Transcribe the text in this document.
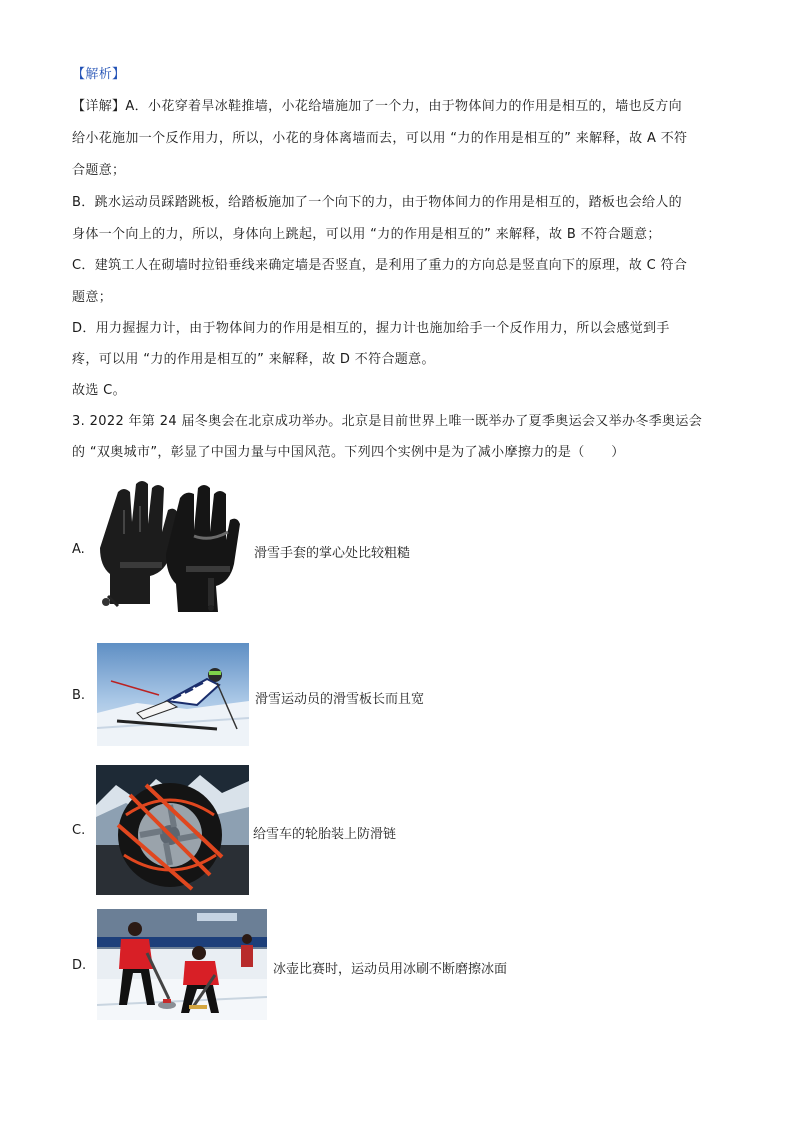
【解析】
【详解】A．小花穿着旱冰鞋推墙，小花给墙施加了一个力，由于物体间力的作用是相互的，墙也反方向
给小花施加一个反作用力，所以，小花的身体离墙而去，可以用 “力的作用是相互的” 来解释，故 A 不符
合题意；
B．跳水运动员踩踏跳板，给踏板施加了一个向下的力，由于物体间力的作用是相互的，踏板也会给人的
身体一个向上的力，所以，身体向上跳起，可以用 “力的作用是相互的” 来解释，故 B 不符合题意；
C．建筑工人在砌墙时拉铅垂线来确定墙是否竖直，是利用了重力的方向总是竖直向下的原理，故 C 符合
题意；
D．用力握握力计，由于物体间力的作用是相互的，握力计也施加给手一个反作用力，所以会感觉到手
疼，可以用 “力的作用是相互的” 来解释，故 D 不符合题意。
故选 C。
3. 2022 年第 24 届冬奥会在北京成功举办。北京是目前世界上唯一既举办了夏季奥运会又举办冬季奥运会
的 “双奥城市”，彰显了中国力量与中国风范。下列四个实例中是为了减小摩擦力的是（　　）
A.	滑雪手套的掌心处比较粗糙
B.	滑雪运动员的滑雪板长而且宽
C.	给雪车的轮胎装上防滑链
D.	冰壶比赛时，运动员用冰刷不断磨擦冰面
